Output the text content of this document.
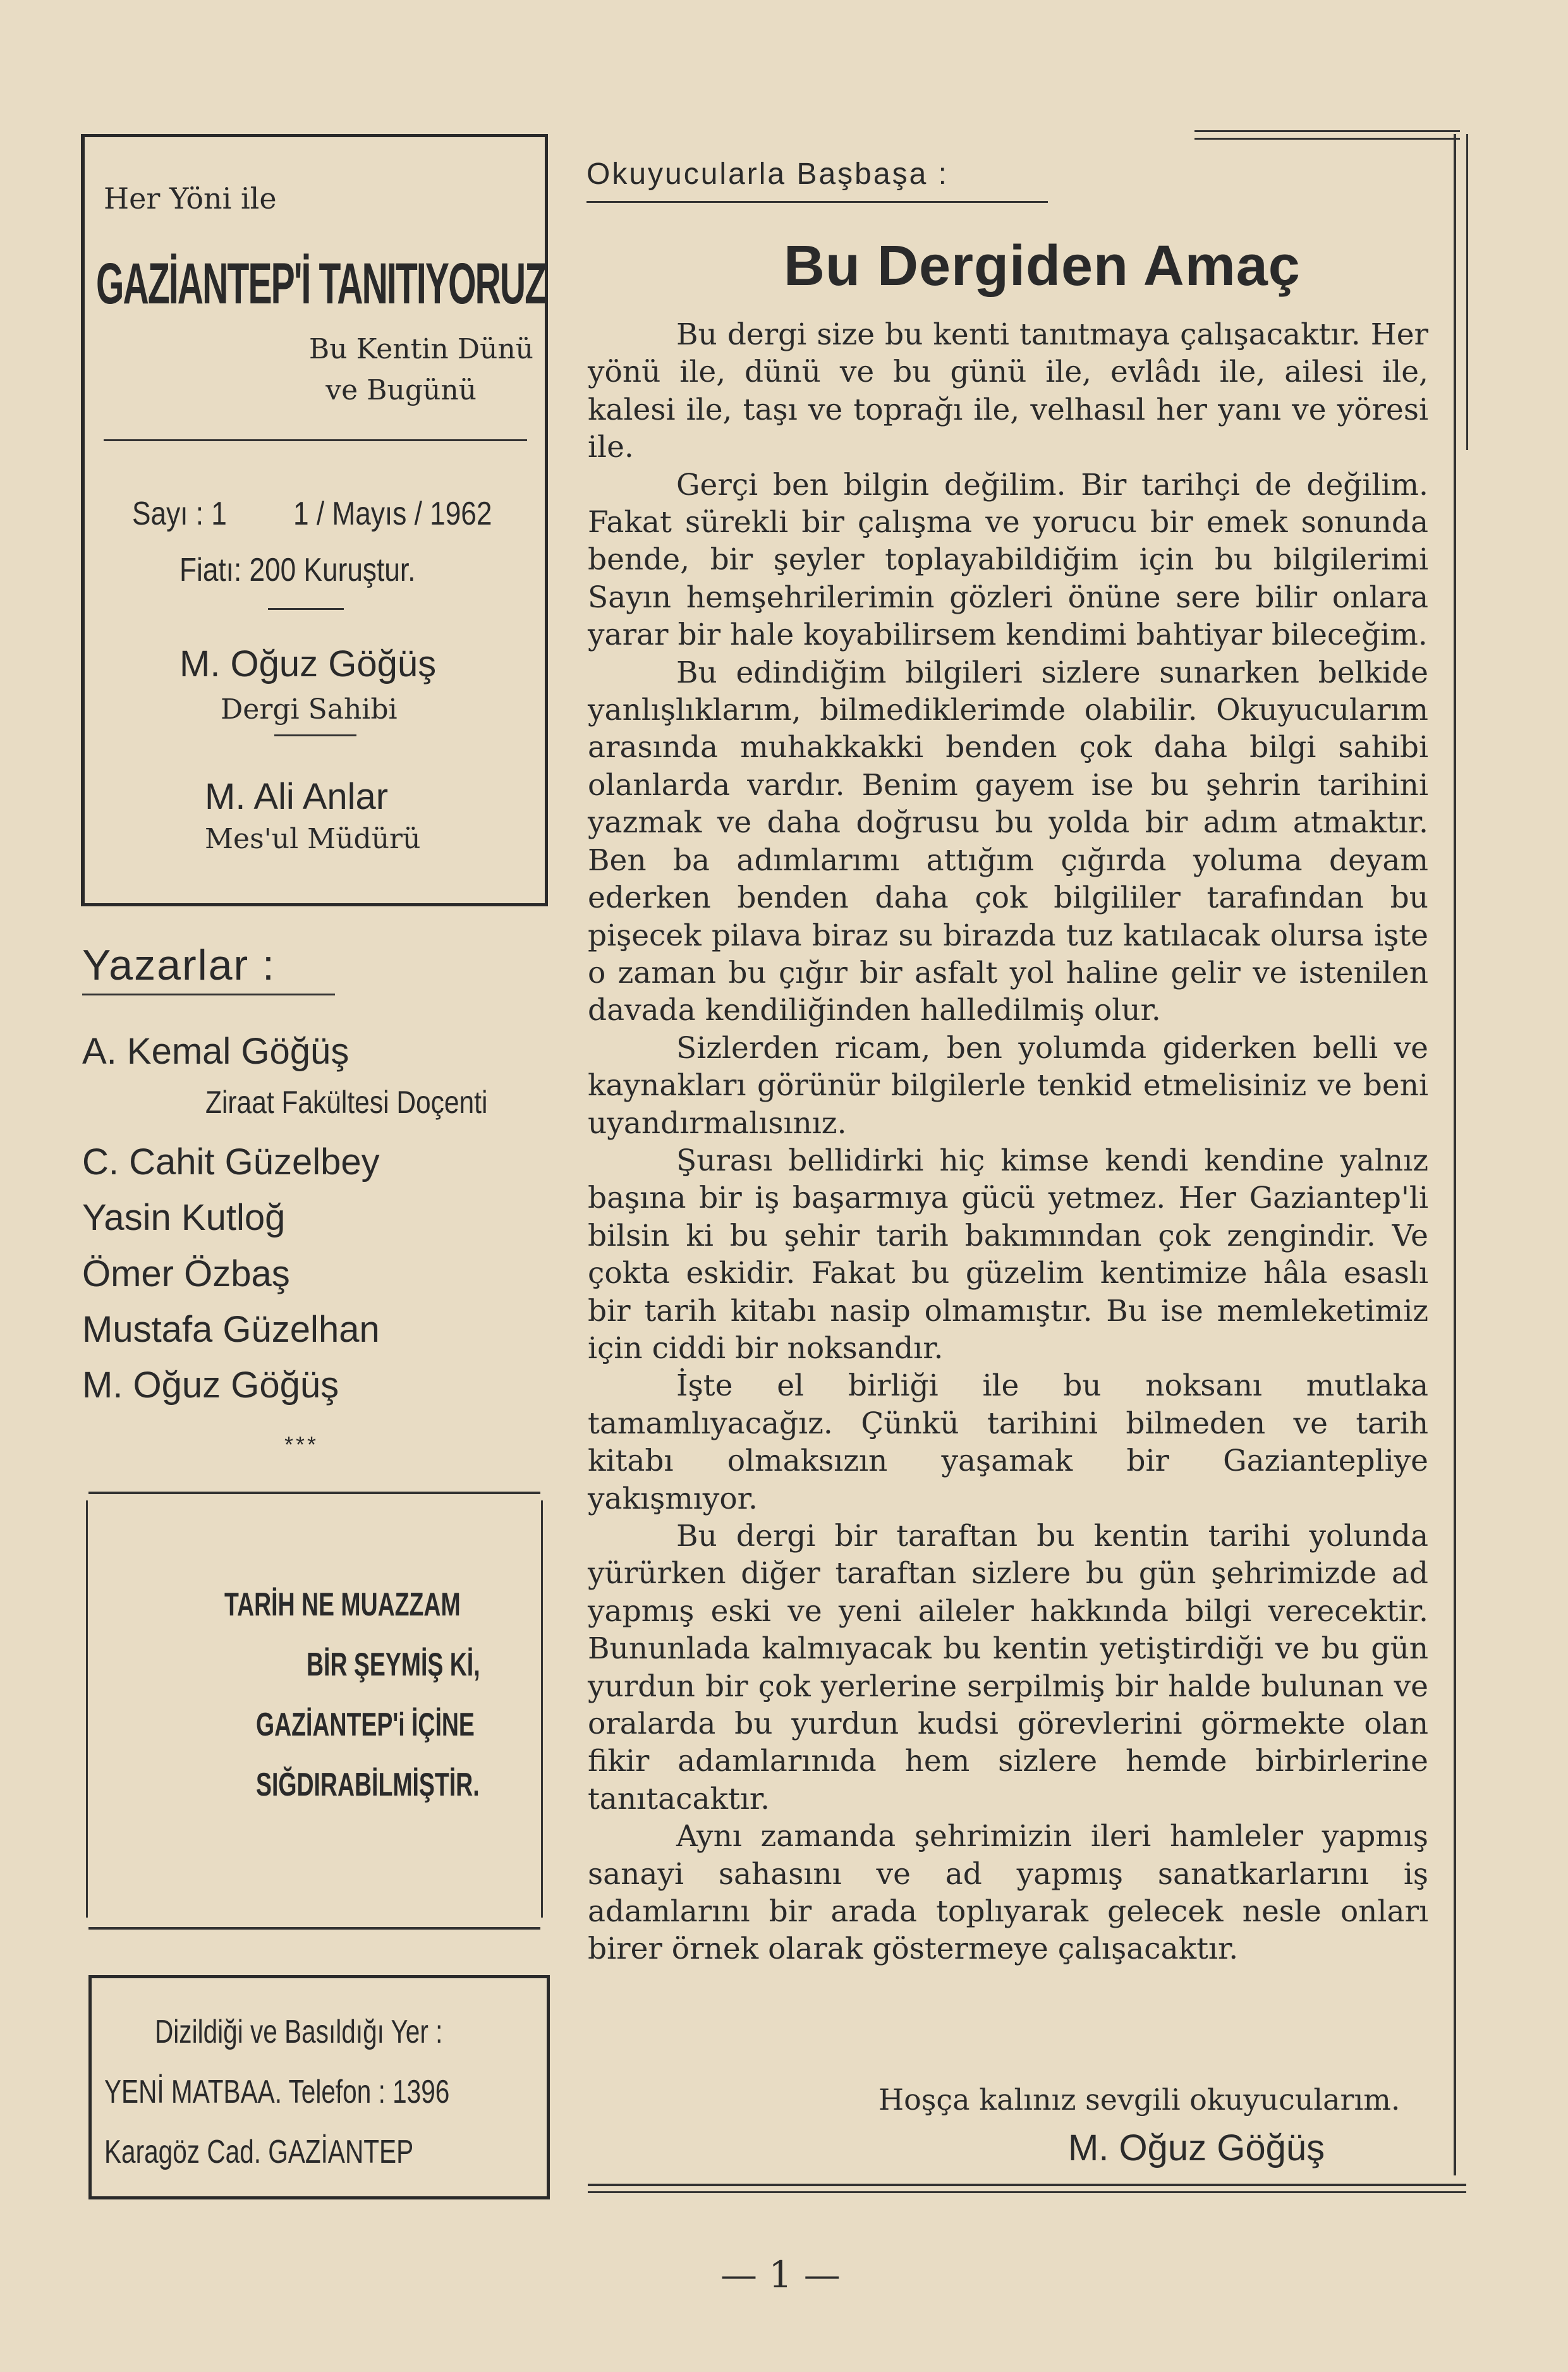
Her Yöni ile
GAZİANTEP'İ TANITIYORUZ
Bu Kentin Dünü
ve Bugünü
Sayı : 1 1 / Mayıs / 1962
Fiatı: 200 Kuruştur.
M. Oğuz Göğüş
Dergi Sahibi
M. Ali Anlar
Mes'ul Müdürü
Yazarlar :
A. Kemal Göğüş
Ziraat Fakültesi Doçenti
C. Cahit Güzelbey
Yasin Kutloğ
Ömer Özbaş
Mustafa Güzelhan
M. Oğuz Göğüş
***
TARİH NE MUAZZAM
BİR ŞEYMİŞ Kİ,
GAZİANTEP'i İÇİNE
SIĞDIRABİLMİŞTİR.
Dizildiği ve Basıldığı Yer :
YENİ MATBAA. Telefon : 1396
Karagöz Cad. GAZİANTEP
Okuyucularla Başbaşa :
Bu Dergiden Amaç

Bu dergi size bu kenti tanıtmaya çalışacaktır. Her yönü ile, dünü ve bu günü ile, evlâdı ile, ailesi ile, kalesi ile, taşı ve toprağı ile, velhasıl her yanı ve yöresi ile.

Gerçi ben bilgin değilim. Bir tarihçi de değilim. Fakat sürekli bir çalışma ve yorucu bir emek sonunda bende, bir şeyler toplayabildiğim için bu bilgilerimi Sayın hemşehrilerimin gözleri önüne sere bilir onlara yarar bir hale koyabilirsem kendimi bahtiyar bileceğim.

Bu edindiğim bilgileri sizlere sunarken belkide yanlışlıklarım, bilmediklerimde olabilir. Okuyucularım arasında muhakkakki benden çok daha bilgi sahibi olanlarda vardır. Benim gayem ise bu şehrin tarihini yazmak ve daha doğrusu bu yolda bir adım atmaktır. Ben ba adımlarımı attığım çığırda yoluma deyam ederken benden daha çok bilgililer tarafından bu pişecek pilava biraz su birazda tuz katılacak olursa işte o zaman bu çığır bir asfalt yol haline gelir ve istenilen davada kendiliğinden halledilmiş olur.

Sizlerden ricam, ben yolumda giderken belli ve kaynakları görünür bilgilerle tenkid etmelisiniz ve beni uyandırmalısınız.

Şurası bellidirki hiç kimse kendi kendine yalnız başına bir iş başarmıya gücü yetmez. Her Gaziantep'li bilsin ki bu şehir tarih bakımından çok zengindir. Ve çokta eskidir. Fakat bu güzelim kentimize hâla esaslı bir tarih kitabı nasip olmamıştır. Bu ise memleketimiz için ciddi bir noksandır.

İşte el birliği ile bu noksanı mutlaka tamamlıyacağız. Çünkü tarihini bilmeden ve tarih kitabı olmaksızın yaşamak bir Gaziantepliye yakışmıyor.

Bu dergi bir taraftan bu kentin tarihi yolunda yürürken diğer taraftan sizlere bu gün şehrimizde ad yapmış eski ve yeni aileler hakkında bilgi verecektir. Bununlada kalmıyacak bu kentin yetiştirdiği ve bu gün yurdun bir çok yerlerine serpilmiş bir halde bulunan ve oralarda bu yurdun kudsi görevlerini görmekte olan fikir adamlarınıda hem sizlere hemde birbirlerine tanıtacaktır.

Aynı zamanda şehrimizin ileri hamleler yapmış sanayi sahasını ve ad yapmış sanatkarlarını iş adamlarını bir arada toplıyarak gelecek nesle onları birer örnek olarak göstermeye çalışacaktır.

Hoşça kalınız sevgili okuyucularım.
M. Oğuz Göğüş
— 1 —
